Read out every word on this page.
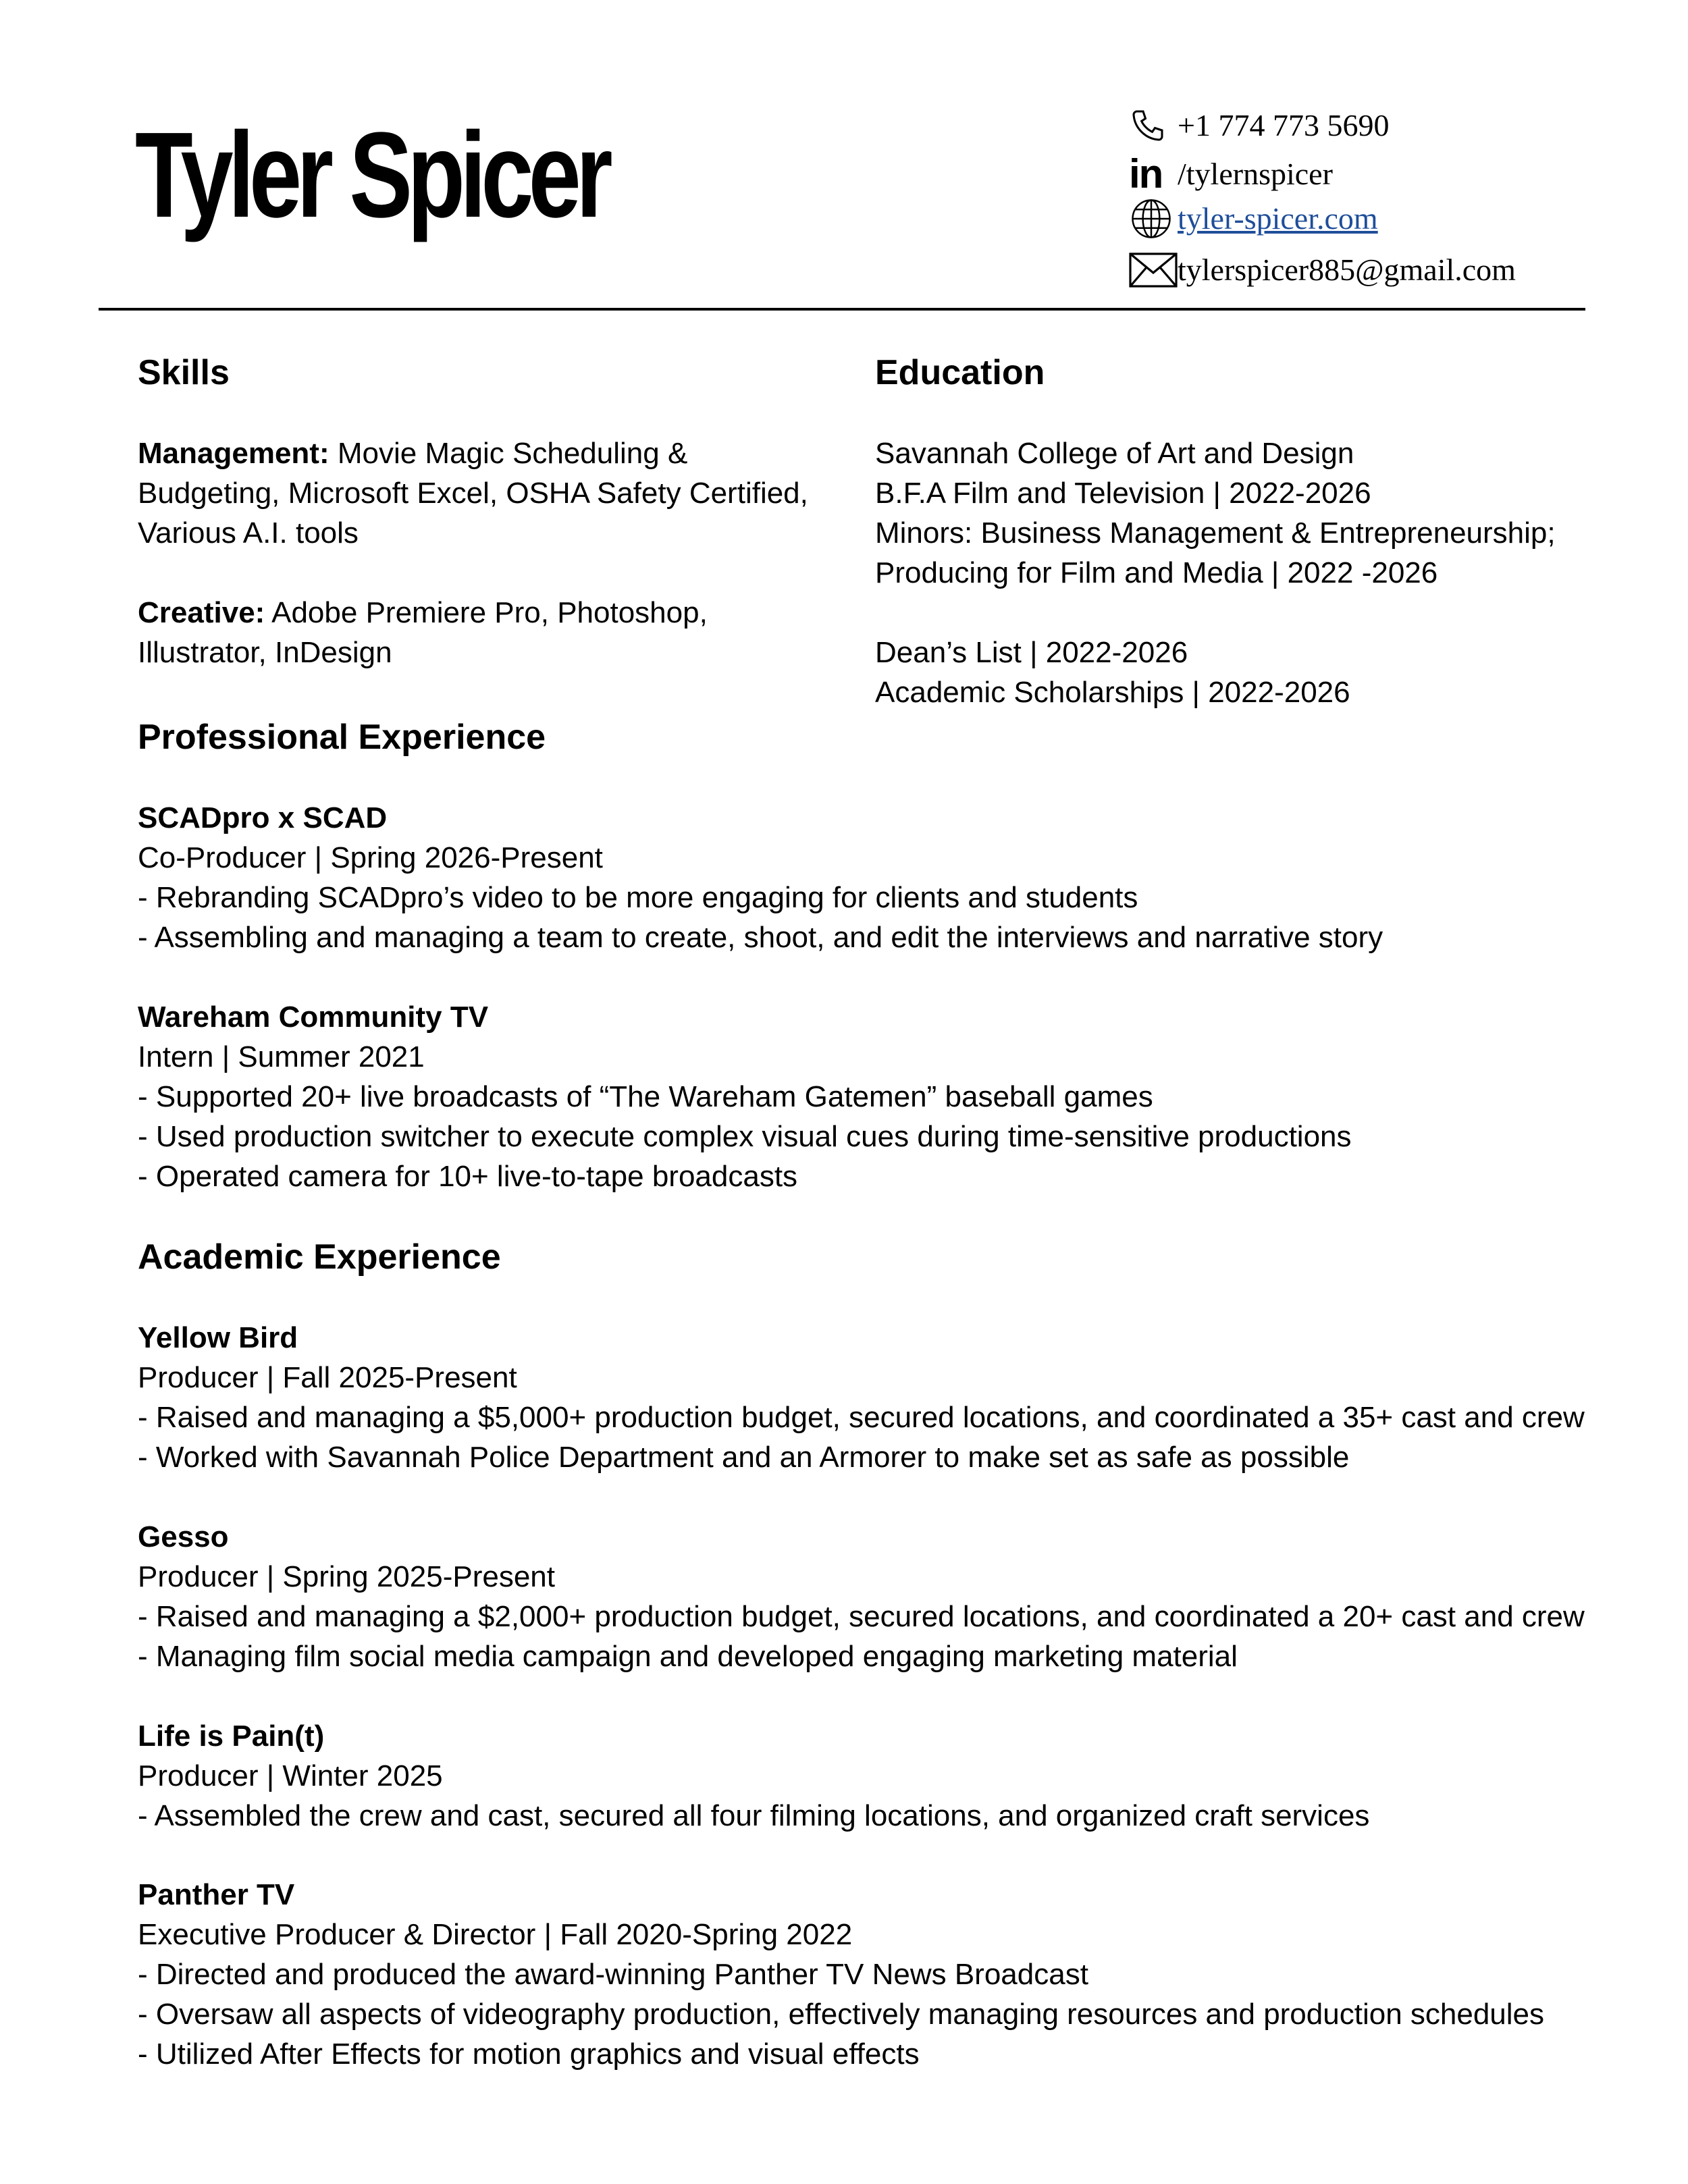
Tyler Spicer	+1 774 773 5690
in /tylernspicer
tyler-spicer.com
tylerspicer885@gmail.com
Skills
Management: Movie Magic Scheduling &
Budgeting, Microsoft Excel, OSHA Safety Certified,
Various A.I. tools
Creative: Adobe Premiere Pro, Photoshop,
Illustrator, InDesign
Education
Savannah College of Art and Design
B.F.A Film and Television | 2022-2026
Minors: Business Management & Entrepreneurship;
Producing for Film and Media | 2022 -2026
Dean’s List | 2022-2026
Academic Scholarships | 2022-2026
Professional Experience
SCADpro x SCAD
Co-Producer | Spring 2026-Present
- Rebranding SCADpro’s video to be more engaging for clients and students
- Assembling and managing a team to create, shoot, and edit the interviews and narrative story
Wareham Community TV
Intern | Summer 2021
- Supported 20+ live broadcasts of “The Wareham Gatemen” baseball games
- Used production switcher to execute complex visual cues during time-sensitive productions
- Operated camera for 10+ live-to-tape broadcasts
Academic Experience
Yellow Bird
Producer | Fall 2025-Present
- Raised and managing a $5,000+ production budget, secured locations, and coordinated a 35+ cast and crew
- Worked with Savannah Police Department and an Armorer to make set as safe as possible
Gesso
Producer | Spring 2025-Present
- Raised and managing a $2,000+ production budget, secured locations, and coordinated a 20+ cast and crew
- Managing film social media campaign and developed engaging marketing material
Life is Pain(t)
Producer | Winter 2025
- Assembled the crew and cast, secured all four filming locations, and organized craft services
Panther TV
Executive Producer & Director | Fall 2020-Spring 2022
- Directed and produced the award-winning Panther TV News Broadcast
- Oversaw all aspects of videography production, effectively managing resources and production schedules
- Utilized After Effects for motion graphics and visual effects
